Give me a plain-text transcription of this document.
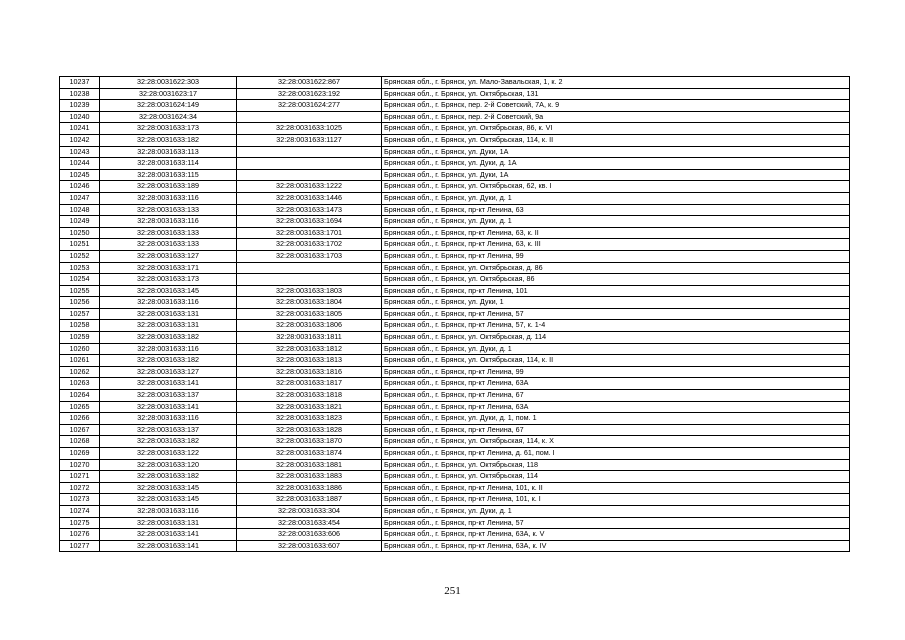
10237	32:28:0031622:303	32:28:0031622:867	Брянская обл., г. Брянск, ул. Мало-Завальская, 1, к. 2
10238	32:28:0031623:17	32:28:0031623:192	Брянская обл., г. Брянск, ул. Октябрьская, 131
10239	32:28:0031624:149	32:28:0031624:277	Брянская обл., г. Брянск, пер. 2-й Советский, 7А, к. 9
10240	32:28:0031624:34		Брянская обл., г. Брянск, пер. 2-й Советский, 9а
10241	32:28:0031633:173	32:28:0031633:1025	Брянская обл., г. Брянск, ул. Октябрьская, 86, к. VI
10242	32:28:0031633:182	32:28:0031633:1127	Брянская обл., г. Брянск, ул. Октябрьская, 114, к. II
10243	32:28:0031633:113		Брянская обл., г. Брянск, ул. Дуки, 1А
10244	32:28:0031633:114		Брянская обл., г. Брянск, ул. Дуки, д. 1А
10245	32:28:0031633:115		Брянская обл., г. Брянск, ул. Дуки, 1А
10246	32:28:0031633:189	32:28:0031633:1222	Брянская обл., г. Брянск, ул. Октябрьская, 62, кв. I
10247	32:28:0031633:116	32:28:0031633:1446	Брянская обл., г. Брянск, ул. Дуки, д. 1
10248	32:28:0031633:133	32:28:0031633:1473	Брянская обл., г. Брянск, пр-кт Ленина, 63
10249	32:28:0031633:116	32:28:0031633:1694	Брянская обл., г. Брянск, ул. Дуки, д. 1
10250	32:28:0031633:133	32:28:0031633:1701	Брянская обл., г. Брянск, пр-кт Ленина, 63, к. II
10251	32:28:0031633:133	32:28:0031633:1702	Брянская обл., г. Брянск, пр-кт Ленина, 63, к. III
10252	32:28:0031633:127	32:28:0031633:1703	Брянская обл., г. Брянск, пр-кт Ленина, 99
10253	32:28:0031633:171		Брянская обл., г. Брянск, ул. Октябрьская, д. 86
10254	32:28:0031633:173		Брянская обл., г. Брянск, ул. Октябрьская, 86
10255	32:28:0031633:145	32:28:0031633:1803	Брянская обл., г. Брянск, пр-кт Ленина, 101
10256	32:28:0031633:116	32:28:0031633:1804	Брянская обл., г. Брянск, ул. Дуки, 1
10257	32:28:0031633:131	32:28:0031633:1805	Брянская обл., г. Брянск, пр-кт Ленина, 57
10258	32:28:0031633:131	32:28:0031633:1806	Брянская обл., г. Брянск, пр-кт Ленина, 57, к. 1-4
10259	32:28:0031633:182	32:28:0031633:1811	Брянская обл., г. Брянск, ул. Октябрьская, д. 114
10260	32:28:0031633:116	32:28:0031633:1812	Брянская обл., г. Брянск, ул. Дуки, д. 1
10261	32:28:0031633:182	32:28:0031633:1813	Брянская обл., г. Брянск, ул. Октябрьская, 114, к. II
10262	32:28:0031633:127	32:28:0031633:1816	Брянская обл., г. Брянск, пр-кт Ленина, 99
10263	32:28:0031633:141	32:28:0031633:1817	Брянская обл., г. Брянск, пр-кт Ленина, 63А
10264	32:28:0031633:137	32:28:0031633:1818	Брянская обл., г. Брянск, пр-кт Ленина, 67
10265	32:28:0031633:141	32:28:0031633:1821	Брянская обл., г. Брянск, пр-кт Ленина, 63А
10266	32:28:0031633:116	32:28:0031633:1823	Брянская обл., г. Брянск, ул. Дуки, д. 1, пом. 1
10267	32:28:0031633:137	32:28:0031633:1828	Брянская обл., г. Брянск, пр-кт Ленина, 67
10268	32:28:0031633:182	32:28:0031633:1870	Брянская обл., г. Брянск, ул. Октябрьская, 114, к. X
10269	32:28:0031633:122	32:28:0031633:1874	Брянская обл., г. Брянск, пр-кт Ленина, д. 61, пом. I
10270	32:28:0031633:120	32:28:0031633:1881	Брянская обл., г. Брянск, ул. Октябрьская, 118
10271	32:28:0031633:182	32:28:0031633:1883	Брянская обл., г. Брянск, ул. Октябрьская, 114
10272	32:28:0031633:145	32:28:0031633:1886	Брянская обл., г. Брянск, пр-кт Ленина, 101, к. II
10273	32:28:0031633:145	32:28:0031633:1887	Брянская обл., г. Брянск, пр-кт Ленина, 101, к. I
10274	32:28:0031633:116	32:28:0031633:304	Брянская обл., г. Брянск, ул. Дуки, д. 1
10275	32:28:0031633:131	32:28:0031633:454	Брянская обл., г. Брянск, пр-кт Ленина, 57
10276	32:28:0031633:141	32:28:0031633:606	Брянская обл., г. Брянск, пр-кт Ленина, 63А, к. V
10277	32:28:0031633:141	32:28:0031633:607	Брянская обл., г. Брянск, пр-кт Ленина, 63А, к. IV
251
